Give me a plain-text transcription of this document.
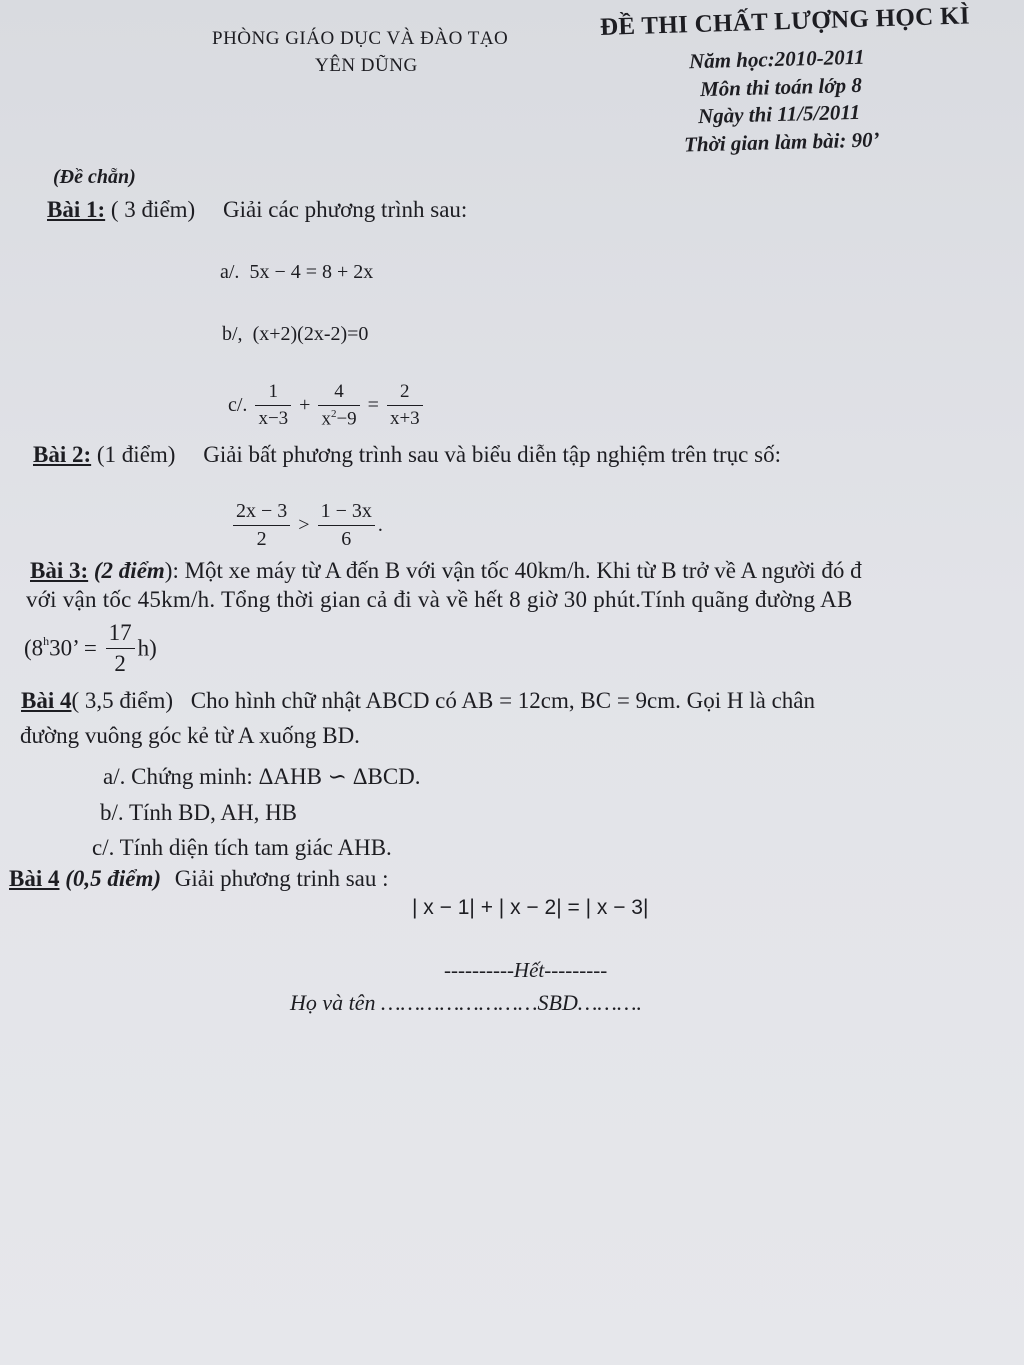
PHÒNG GIÁO DỤC VÀ ĐÀO TẠO
YÊN DŨNG
ĐỀ THI CHẤT LƯỢNG HỌC KÌ
Năm học:2010-2011
Môn thi toán lớp 8
Ngày thi 11/5/2011
Thời gian làm bài: 90’
(Đề chẵn)
Bài 1: ( 3 điểm) Giải các phương trình sau:
a/. 5x − 4 = 8 + 2x
b/, (x+2)(2x-2)=0
c/. $\frac{1}{x-3} + \frac{4}{x^2-9} = \frac{2}{x+3}$
Bài 2: (1 điểm) Giải bất phương trình sau và biểu diễn tập nghiệm trên trục số:
$\frac{2x - 3}{2} > \frac{1 - 3x}{6}$ .
Bài 3: (2 điểm): Một xe máy từ A đến B với vận tốc 40km/h. Khi từ B trở về A người đó đ
với vận tốc 45km/h. Tổng thời gian cả đi và về hết 8 giờ 30 phút.Tính quãng đường AB
($8^h30$’ = $\frac{17}{2} h$)
Bài 4( 3,5 điểm) Cho hình chữ nhật ABCD có AB = 12cm, BC = 9cm. Gọi H là chân
đường vuông góc kẻ từ A xuống BD.
a/. Chứng minh: ΔAHB ∽ ΔBCD.
b/. Tính BD, AH, HB
c/. Tính diện tích tam giác AHB.
Bài 4 (0,5 điểm) Giải phương trinh sau :
| x − 1| + | x − 2| = | x − 3|
----------Hết---------
Họ và tên ……………………SBD……….
